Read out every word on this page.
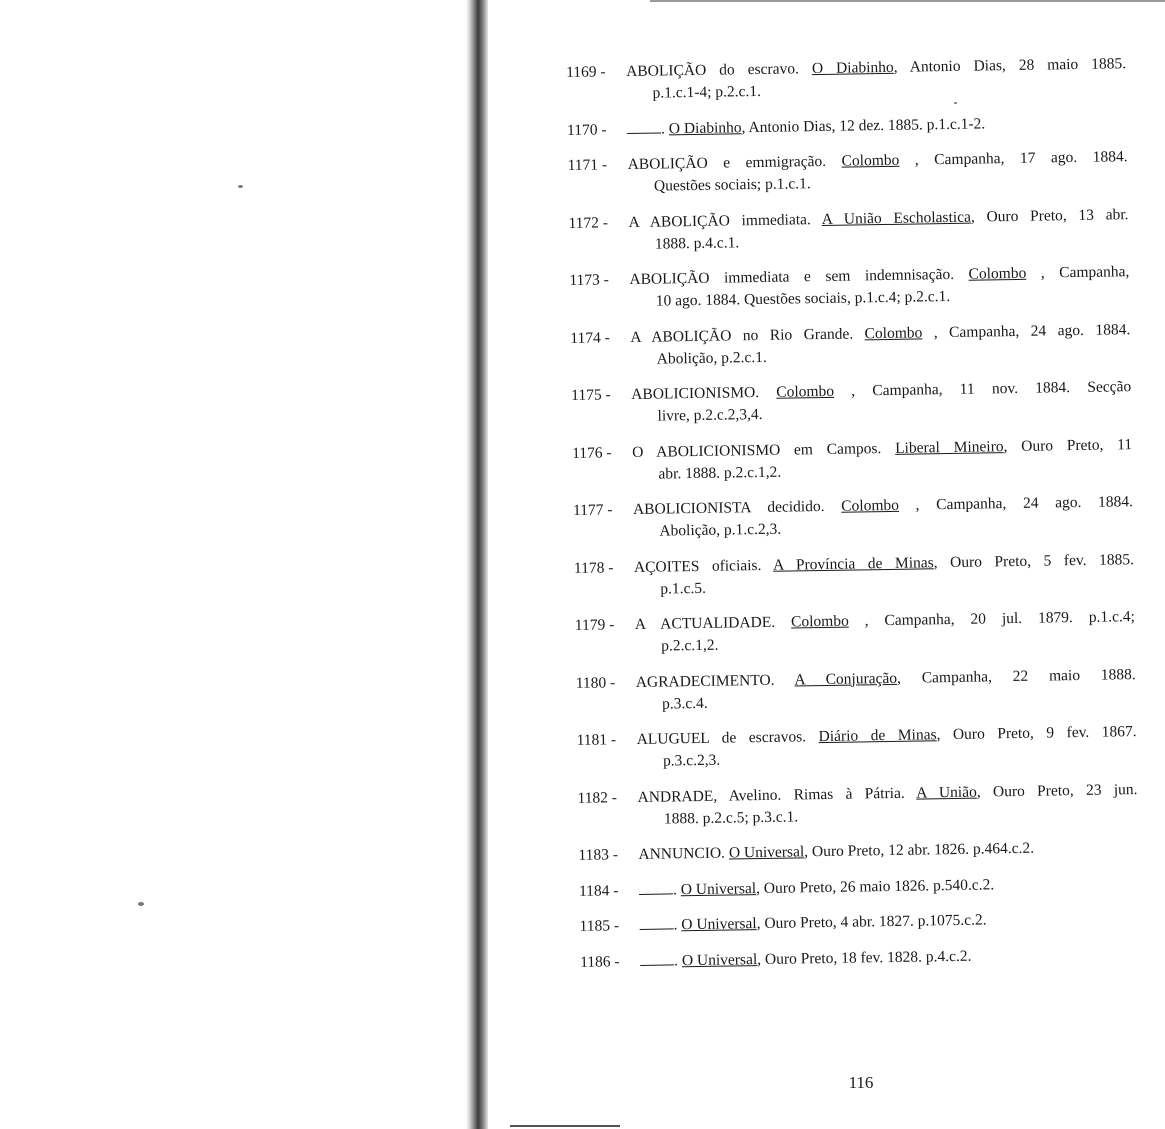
1169 -	ABOLIÇÃO do escravo. O Diabinho, Antonio Dias, 28 maio 1885.
p.1.c.1-4; p.2.c.1.
1170 -	. O Diabinho, Antonio Dias, 12 dez. 1885. p.1.c.1-2.
1171 -	ABOLIÇÃO e emmigração. Colombo , Campanha, 17 ago. 1884.
Questões sociais; p.1.c.1.
1172 -	A ABOLIÇÃO immediata. A União Escholastica, Ouro Preto, 13 abr.
1888. p.4.c.1.
1173 -	ABOLIÇÃO immediata e sem indemnisação. Colombo , Campanha,
10 ago. 1884. Questões sociais, p.1.c.4; p.2.c.1.
1174 -	A ABOLIÇÃO no Rio Grande. Colombo , Campanha, 24 ago. 1884.
Abolição, p.2.c.1.
1175 -	ABOLICIONISMO. Colombo , Campanha, 11 nov. 1884. Secção
livre, p.2.c.2,3,4.
1176 -	O ABOLICIONISMO em Campos. Liberal Mineiro, Ouro Preto, 11
abr. 1888. p.2.c.1,2.
1177 -	ABOLICIONISTA decidido. Colombo , Campanha, 24 ago. 1884.
Abolição, p.1.c.2,3.
1178 -	AÇOITES oficiais. A Província de Minas, Ouro Preto, 5 fev. 1885.
p.1.c.5.
1179 -	A ACTUALIDADE. Colombo , Campanha, 20 jul. 1879. p.1.c.4;
p.2.c.1,2.
1180 -	AGRADECIMENTO. A Conjuração, Campanha, 22 maio 1888.
p.3.c.4.
1181 -	ALUGUEL de escravos. Diário de Minas, Ouro Preto, 9 fev. 1867.
p.3.c.2,3.
1182 -	ANDRADE, Avelino. Rimas à Pátria. A União, Ouro Preto, 23 jun.
1888. p.2.c.5; p.3.c.1.
1183 -	ANNUNCIO. O Universal, Ouro Preto, 12 abr. 1826. p.464.c.2.
1184 -	. O Universal, Ouro Preto, 26 maio 1826. p.540.c.2.
1185 -	. O Universal, Ouro Preto, 4 abr. 1827. p.1075.c.2.
1186 -	. O Universal, Ouro Preto, 18 fev. 1828. p.4.c.2.
116
